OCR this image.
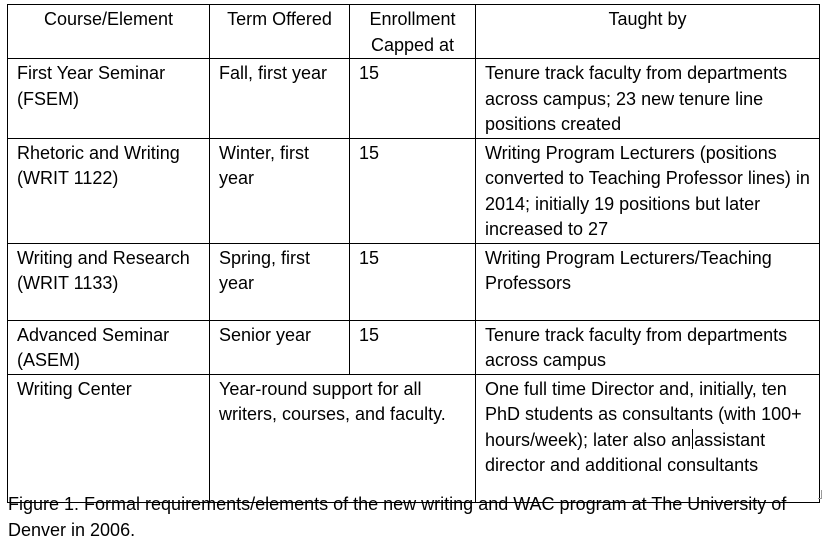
Course/Element	Term Offered	Enrollment Capped at	Taught by
First Year Seminar (FSEM)	Fall, first year	15	Tenure track faculty from departments across campus; 23 new tenure line positions created
Rhetoric and Writing (WRIT 1122)	Winter, first year	15	Writing Program Lecturers (positions converted to Teaching Professor lines) in 2014; initially 19 positions but later increased to 27
Writing and Research (WRIT 1133)	Spring, first year	15	Writing Program Lecturers/Teaching Professors
Advanced Seminar (ASEM)	Senior year	15	Tenure track faculty from departments across campus
Writing Center	Year-round support for all writers, courses, and faculty.		One full time Director and, initially, ten PhD students as consultants (with 100+ hours/week); later also an assistant director and additional consultants
Figure 1. Formal requirements/elements of the new writing and WAC program at The University of Denver in 2006.
